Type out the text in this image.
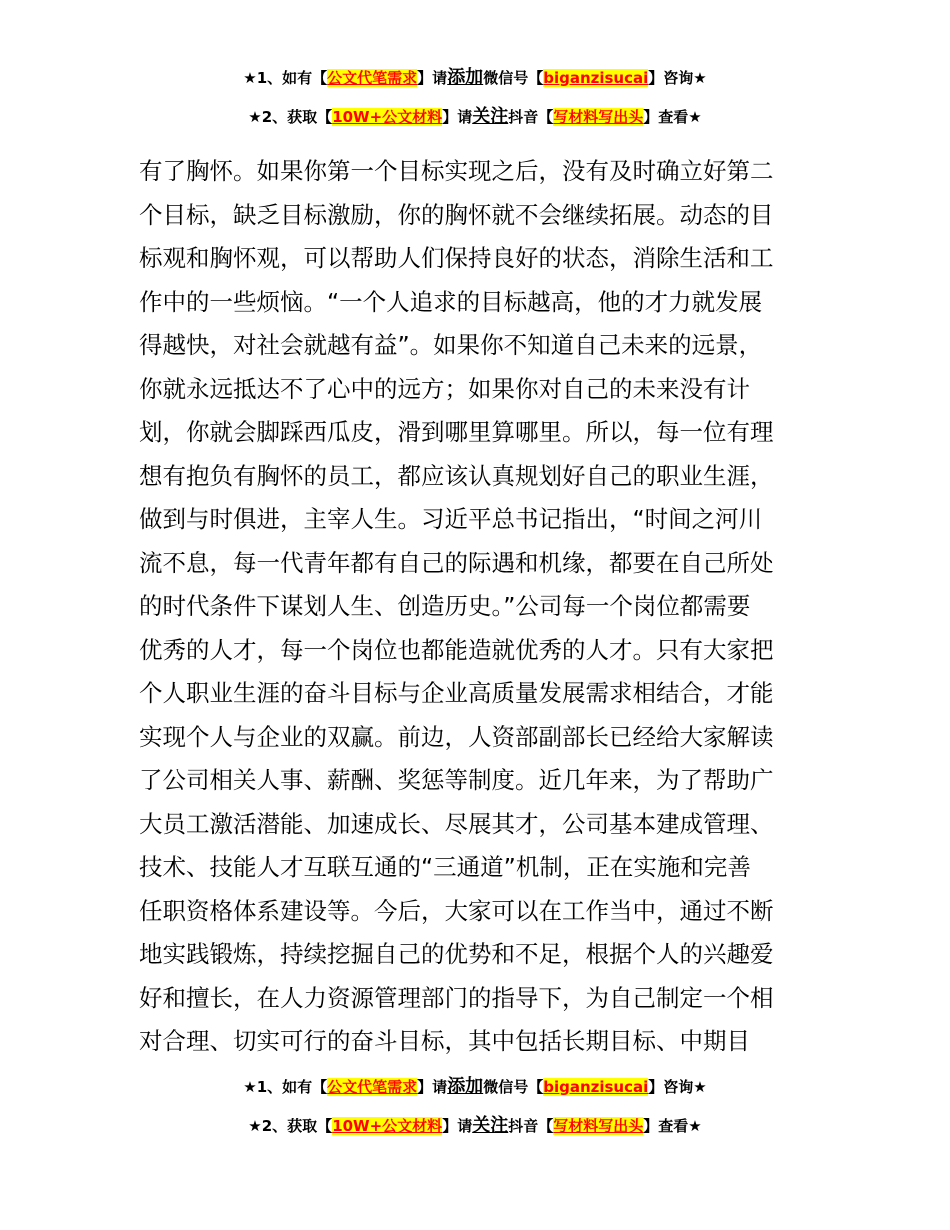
★1、如有【公文代笔需求】请添加微信号【biganzisucai】咨询★
★2、获取【10W+公文材料】请关注抖音【写材料写出头】查看★
有了胸怀。如果你第一个目标实现之后，没有及时确立好第二
个目标，缺乏目标激励，你的胸怀就不会继续拓展。动态的目
标观和胸怀观，可以帮助人们保持良好的状态，消除生活和工
作中的一些烦恼。“一个人追求的目标越高，他的才力就发展
得越快，对社会就越有益”。如果你不知道自己未来的远景，
你就永远抵达不了心中的远方；如果你对自己的未来没有计
划，你就会脚踩西瓜皮，滑到哪里算哪里。所以，每一位有理
想有抱负有胸怀的员工，都应该认真规划好自己的职业生涯，
做到与时俱进，主宰人生。习近平总书记指出，“时间之河川
流不息，每一代青年都有自己的际遇和机缘，都要在自己所处
的时代条件下谋划人生、创造历史。”公司每一个岗位都需要
优秀的人才，每一个岗位也都能造就优秀的人才。只有大家把
个人职业生涯的奋斗目标与企业高质量发展需求相结合，才能
实现个人与企业的双赢。前边，人资部副部长已经给大家解读
了公司相关人事、薪酬、奖惩等制度。近几年来，为了帮助广
大员工激活潜能、加速成长、尽展其才，公司基本建成管理、
技术、技能人才互联互通的“三通道”机制，正在实施和完善
任职资格体系建设等。今后，大家可以在工作当中，通过不断
地实践锻炼，持续挖掘自己的优势和不足，根据个人的兴趣爱
好和擅长，在人力资源管理部门的指导下，为自己制定一个相
对合理、切实可行的奋斗目标，其中包括长期目标、中期目
★1、如有【公文代笔需求】请添加微信号【biganzisucai】咨询★
★2、获取【10W+公文材料】请关注抖音【写材料写出头】查看★
